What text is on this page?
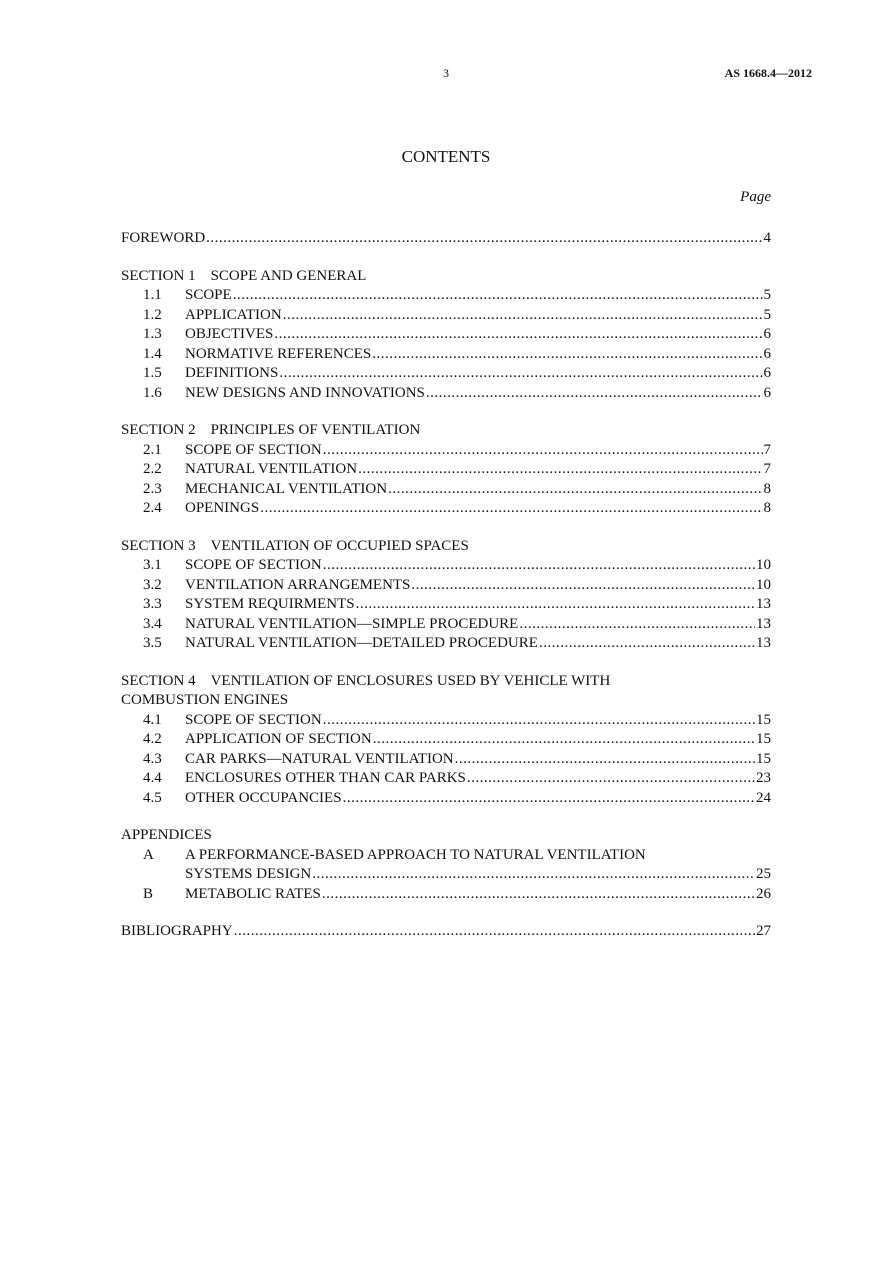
3	AS 1668.4—2012
CONTENTS
Page
FOREWORD .....	4
SECTION 1 SCOPE AND GENERAL
1.1	SCOPE .....	5
1.2	APPLICATION .....	5
1.3	OBJECTIVES .....	6
1.4	NORMATIVE REFERENCES .....	6
1.5	DEFINITIONS .....	6
1.6	NEW DESIGNS AND INNOVATIONS .....	6
SECTION 2 PRINCIPLES OF VENTILATION
2.1	SCOPE OF SECTION .....	7
2.2	NATURAL VENTILATION .....	7
2.3	MECHANICAL VENTILATION .....	8
2.4	OPENINGS .....	8
SECTION 3 VENTILATION OF OCCUPIED SPACES
3.1	SCOPE OF SECTION .....	10
3.2	VENTILATION ARRANGEMENTS .....	10
3.3	SYSTEM REQUIRMENTS .....	13
3.4	NATURAL VENTILATION—SIMPLE PROCEDURE .....	13
3.5	NATURAL VENTILATION—DETAILED PROCEDURE .....	13
SECTION 4 VENTILATION OF ENCLOSURES USED BY VEHICLE WITH
COMBUSTION ENGINES
4.1	SCOPE OF SECTION .....	15
4.2	APPLICATION OF SECTION .....	15
4.3	CAR PARKS—NATURAL VENTILATION .....	15
4.4	ENCLOSURES OTHER THAN CAR PARKS .....	23
4.5	OTHER OCCUPANCIES .....	24
APPENDICES
A	A PERFORMANCE-BASED APPROACH TO NATURAL VENTILATION
SYSTEMS DESIGN .....	25
B	METABOLIC RATES .....	26
BIBLIOGRAPHY .....	27
